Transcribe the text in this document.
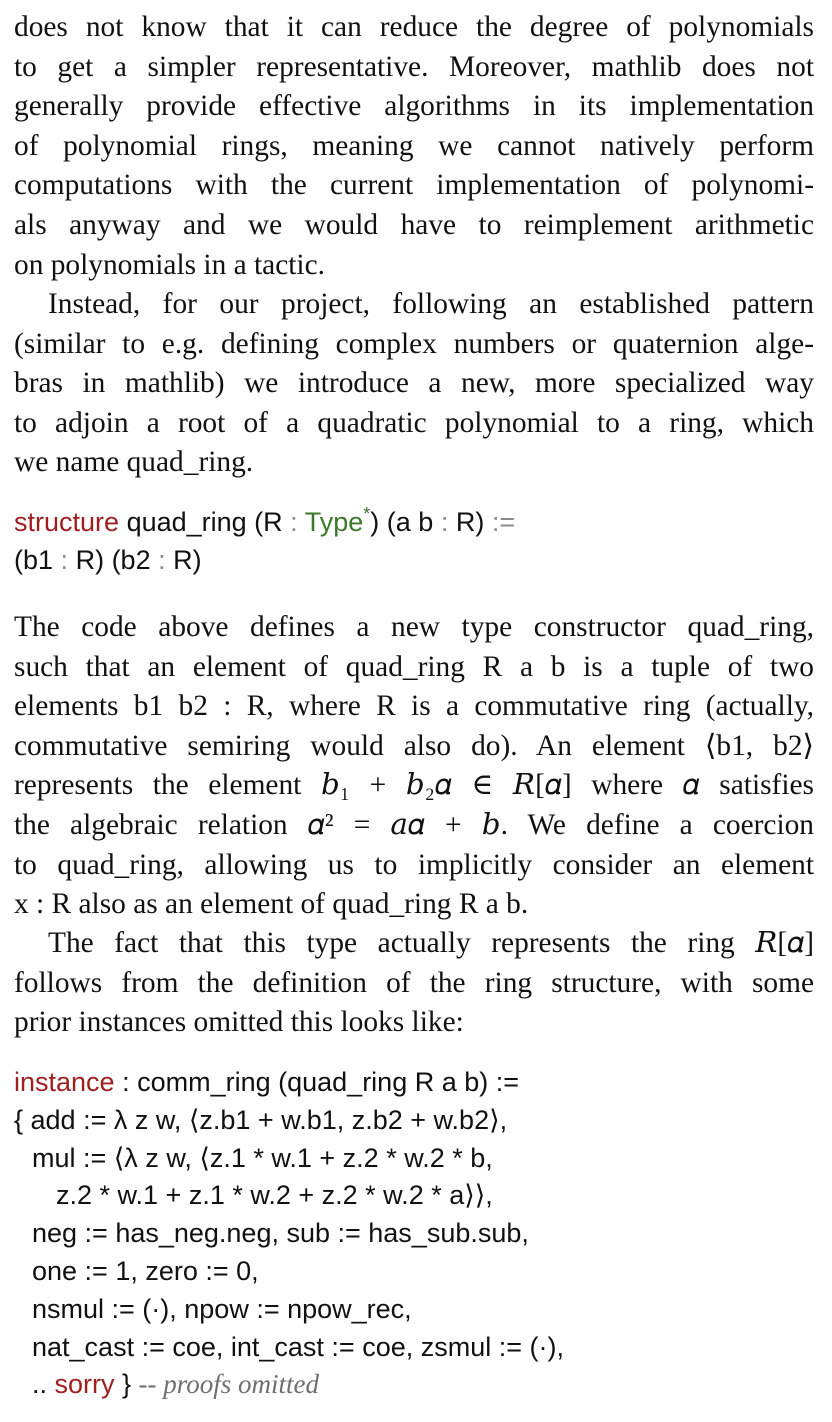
does not know that it can reduce the degree of polynomials
to get a simpler representative. Moreover, mathlib does not
generally provide effective algorithms in its implementation
of polynomial rings, meaning we cannot natively perform
computations with the current implementation of polynomi-
als anyway and we would have to reimplement arithmetic
on polynomials in a tactic.
Instead, for our project, following an established pattern
(similar to e.g. defining complex numbers or quaternion alge-
bras in mathlib) we introduce a new, more specialized way
to adjoin a root of a quadratic polynomial to a ring, which
we name quad_ring.
structure quad_ring (R : Type*) (a b : R) :=
(b1 : R) (b2 : R)
The code above defines a new type constructor quad_ring,
such that an element of quad_ring R a b is a tuple of two
elements b1 b2 : R, where R is a commutative ring (actually,
commutative semiring would also do). An element ⟨b1, b2⟩
represents the element 𝑏₁ + 𝑏₂𝛼 ∈ 𝑅[𝛼] where 𝛼 satisfies
the algebraic relation 𝛼² = 𝑎𝛼 + 𝑏. We define a coercion
to quad_ring, allowing us to implicitly consider an element
x : R also as an element of quad_ring R a b.
The fact that this type actually represents the ring 𝑅[𝛼]
follows from the definition of the ring structure, with some
prior instances omitted this looks like:
instance : comm_ring (quad_ring R a b) :=
{ add := λ z w, ⟨z.b1 + w.b1, z.b2 + w.b2⟩,
mul := ⟨λ z w, ⟨z.1 * w.1 + z.2 * w.2 * b,
z.2 * w.1 + z.1 * w.2 + z.2 * w.2 * a⟩⟩,
neg := has_neg.neg, sub := has_sub.sub,
one := 1, zero := 0,
nsmul := (·), npow := npow_rec,
nat_cast := coe, int_cast := coe, zsmul := (·),
.. sorry } -- proofs omitted
